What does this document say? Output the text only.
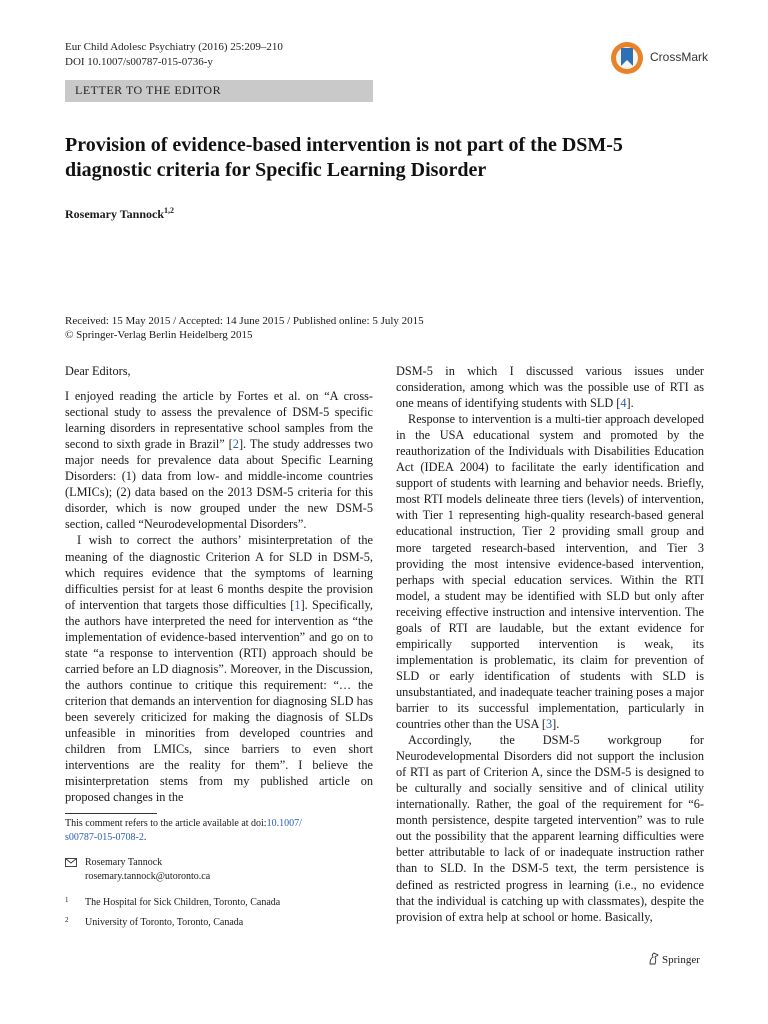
Eur Child Adolesc Psychiatry (2016) 25:209–210
DOI 10.1007/s00787-015-0736-y	CrossMark
LETTER TO THE EDITOR
Provision of evidence-based intervention is not part of the DSM-5
diagnostic criteria for Specific Learning Disorder
Rosemary Tannock$^{1,2}$
Received: 15 May 2015 / Accepted: 14 June 2015 / Published online: 5 July 2015
© Springer-Verlag Berlin Heidelberg 2015

Dear Editors,

I enjoyed reading the article by Fortes et al. on “A cross-sectional study to assess the prevalence of DSM-5 specific learning disorders in representative school samples from the second to sixth grade in Brazil” [2]. The study addresses two major needs for prevalence data about Specific Learning Disorders: (1) data from low- and middle-income countries (LMICs); (2) data based on the 2013 DSM-5 criteria for this disorder, which is now grouped under the new DSM-5 section, called “Neurodevelopmental Disorders”.

I wish to correct the authors’ misinterpretation of the meaning of the diagnostic Criterion A for SLD in DSM-5, which requires evidence that the symptoms of learning difficulties persist for at least 6 months despite the provision of intervention that targets those difficulties [1]. Specifically, the authors have interpreted the need for intervention as “the implementation of evidence-based intervention” and go on to state “a response to intervention (RTI) approach should be carried before an LD diagnosis”. Moreover, in the Discussion, the authors continue to critique this requirement: “… the criterion that demands an intervention for diagnosing SLD has been severely criticized for making the diagnosis of SLDs unfeasible in minorities from developed countries and children from LMICs, since barriers to even short interventions are the reality for them”. I believe the misinterpretation stems from my published article on proposed changes in the

DSM-5 in which I discussed various issues under consideration, among which was the possible use of RTI as one means of identifying students with SLD [4].

Response to intervention is a multi-tier approach developed in the USA educational system and promoted by the reauthorization of the Individuals with Disabilities Education Act (IDEA 2004) to facilitate the early identification and support of students with learning and behavior needs. Briefly, most RTI models delineate three tiers (levels) of intervention, with Tier 1 representing high-quality research-based general educational instruction, Tier 2 providing small group and more targeted research-based intervention, and Tier 3 providing the most intensive evidence-based intervention, perhaps with special education services. Within the RTI model, a student may be identified with SLD but only after receiving effective instruction and intensive intervention. The goals of RTI are laudable, but the extant evidence for empirically supported intervention is weak, its implementation is problematic, its claim for prevention of SLD or early identification of students with SLD is unsubstantiated, and inadequate teacher training poses a major barrier to its successful implementation, particularly in countries other than the USA [3].

Accordingly, the DSM-5 workgroup for Neurodevelopmental Disorders did not support the inclusion of RTI as part of Criterion A, since the DSM-5 is designed to be culturally and socially sensitive and of clinical utility internationally. Rather, the goal of the requirement for “6-month persistence, despite targeted intervention” was to rule out the possibility that the apparent learning difficulties were better attributable to lack of or inadequate instruction rather than to SLD. In the DSM-5 text, the term persistence is defined as restricted progress in learning (i.e., no evidence that the individual is catching up with classmates), despite the provision of extra help at school or home. Basically,

This comment refers to the article available at doi:10.1007/
s00787-015-0708-2.
Rosemary Tannock
rosemary.tannock@utoronto.ca
1 The Hospital for Sick Children, Toronto, Canada
2 University of Toronto, Toronto, Canada
Springer
